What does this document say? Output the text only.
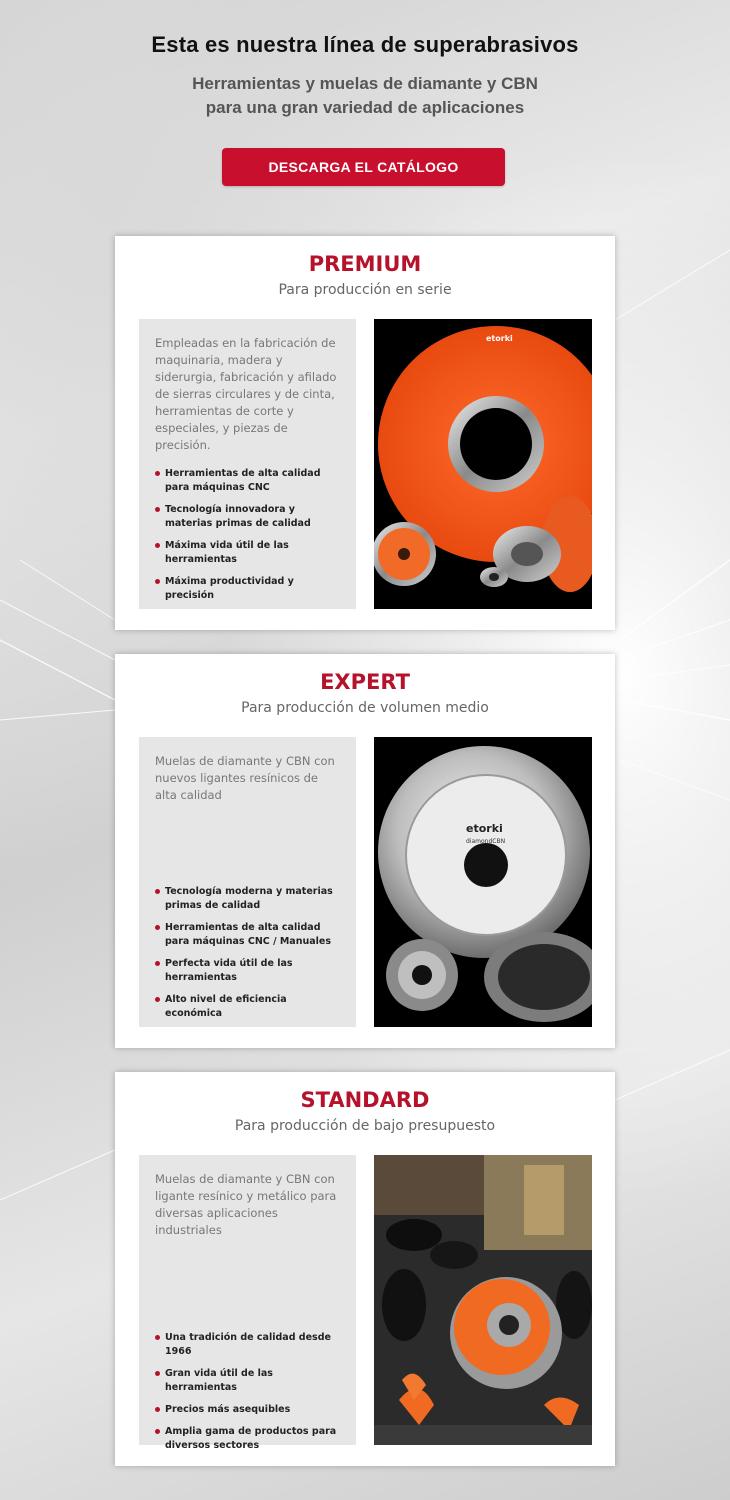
Esta es nuestra línea de superabrasivos
Herramientas y muelas de diamante y CBN
para una gran variedad de aplicaciones
DESCARGA EL CATÁLOGO
PREMIUM
Para producción en serie

Empleadas en la fabricación de maquinaria, madera y siderurgia, fabricación y afilado de sierras circulares y de cinta, herramientas de corte y especiales, y piezas de precisión.

Herramientas de alta calidad para máquinas CNC
Tecnología innovadora y materias primas de calidad
Máxima vida útil de las herramientas
Máxima productividad y precisión
etorki
EXPERT
Para producción de volumen medio

Muelas de diamante y CBN con nuevos ligantes resínicos de alta calidad

Tecnología moderna y materias primas de calidad
Herramientas de alta calidad para máquinas CNC / Manuales
Perfecta vida útil de las herramientas
Alto nivel de eficiencia económica
etorki
diamondCBN
STANDARD
Para producción de bajo presupuesto

Muelas de diamante y CBN con ligante resínico y metálico para diversas aplicaciones industriales

Una tradición de calidad desde 1966
Gran vida útil de las herramientas
Precios más asequibles
Amplia gama de productos para diversos sectores
